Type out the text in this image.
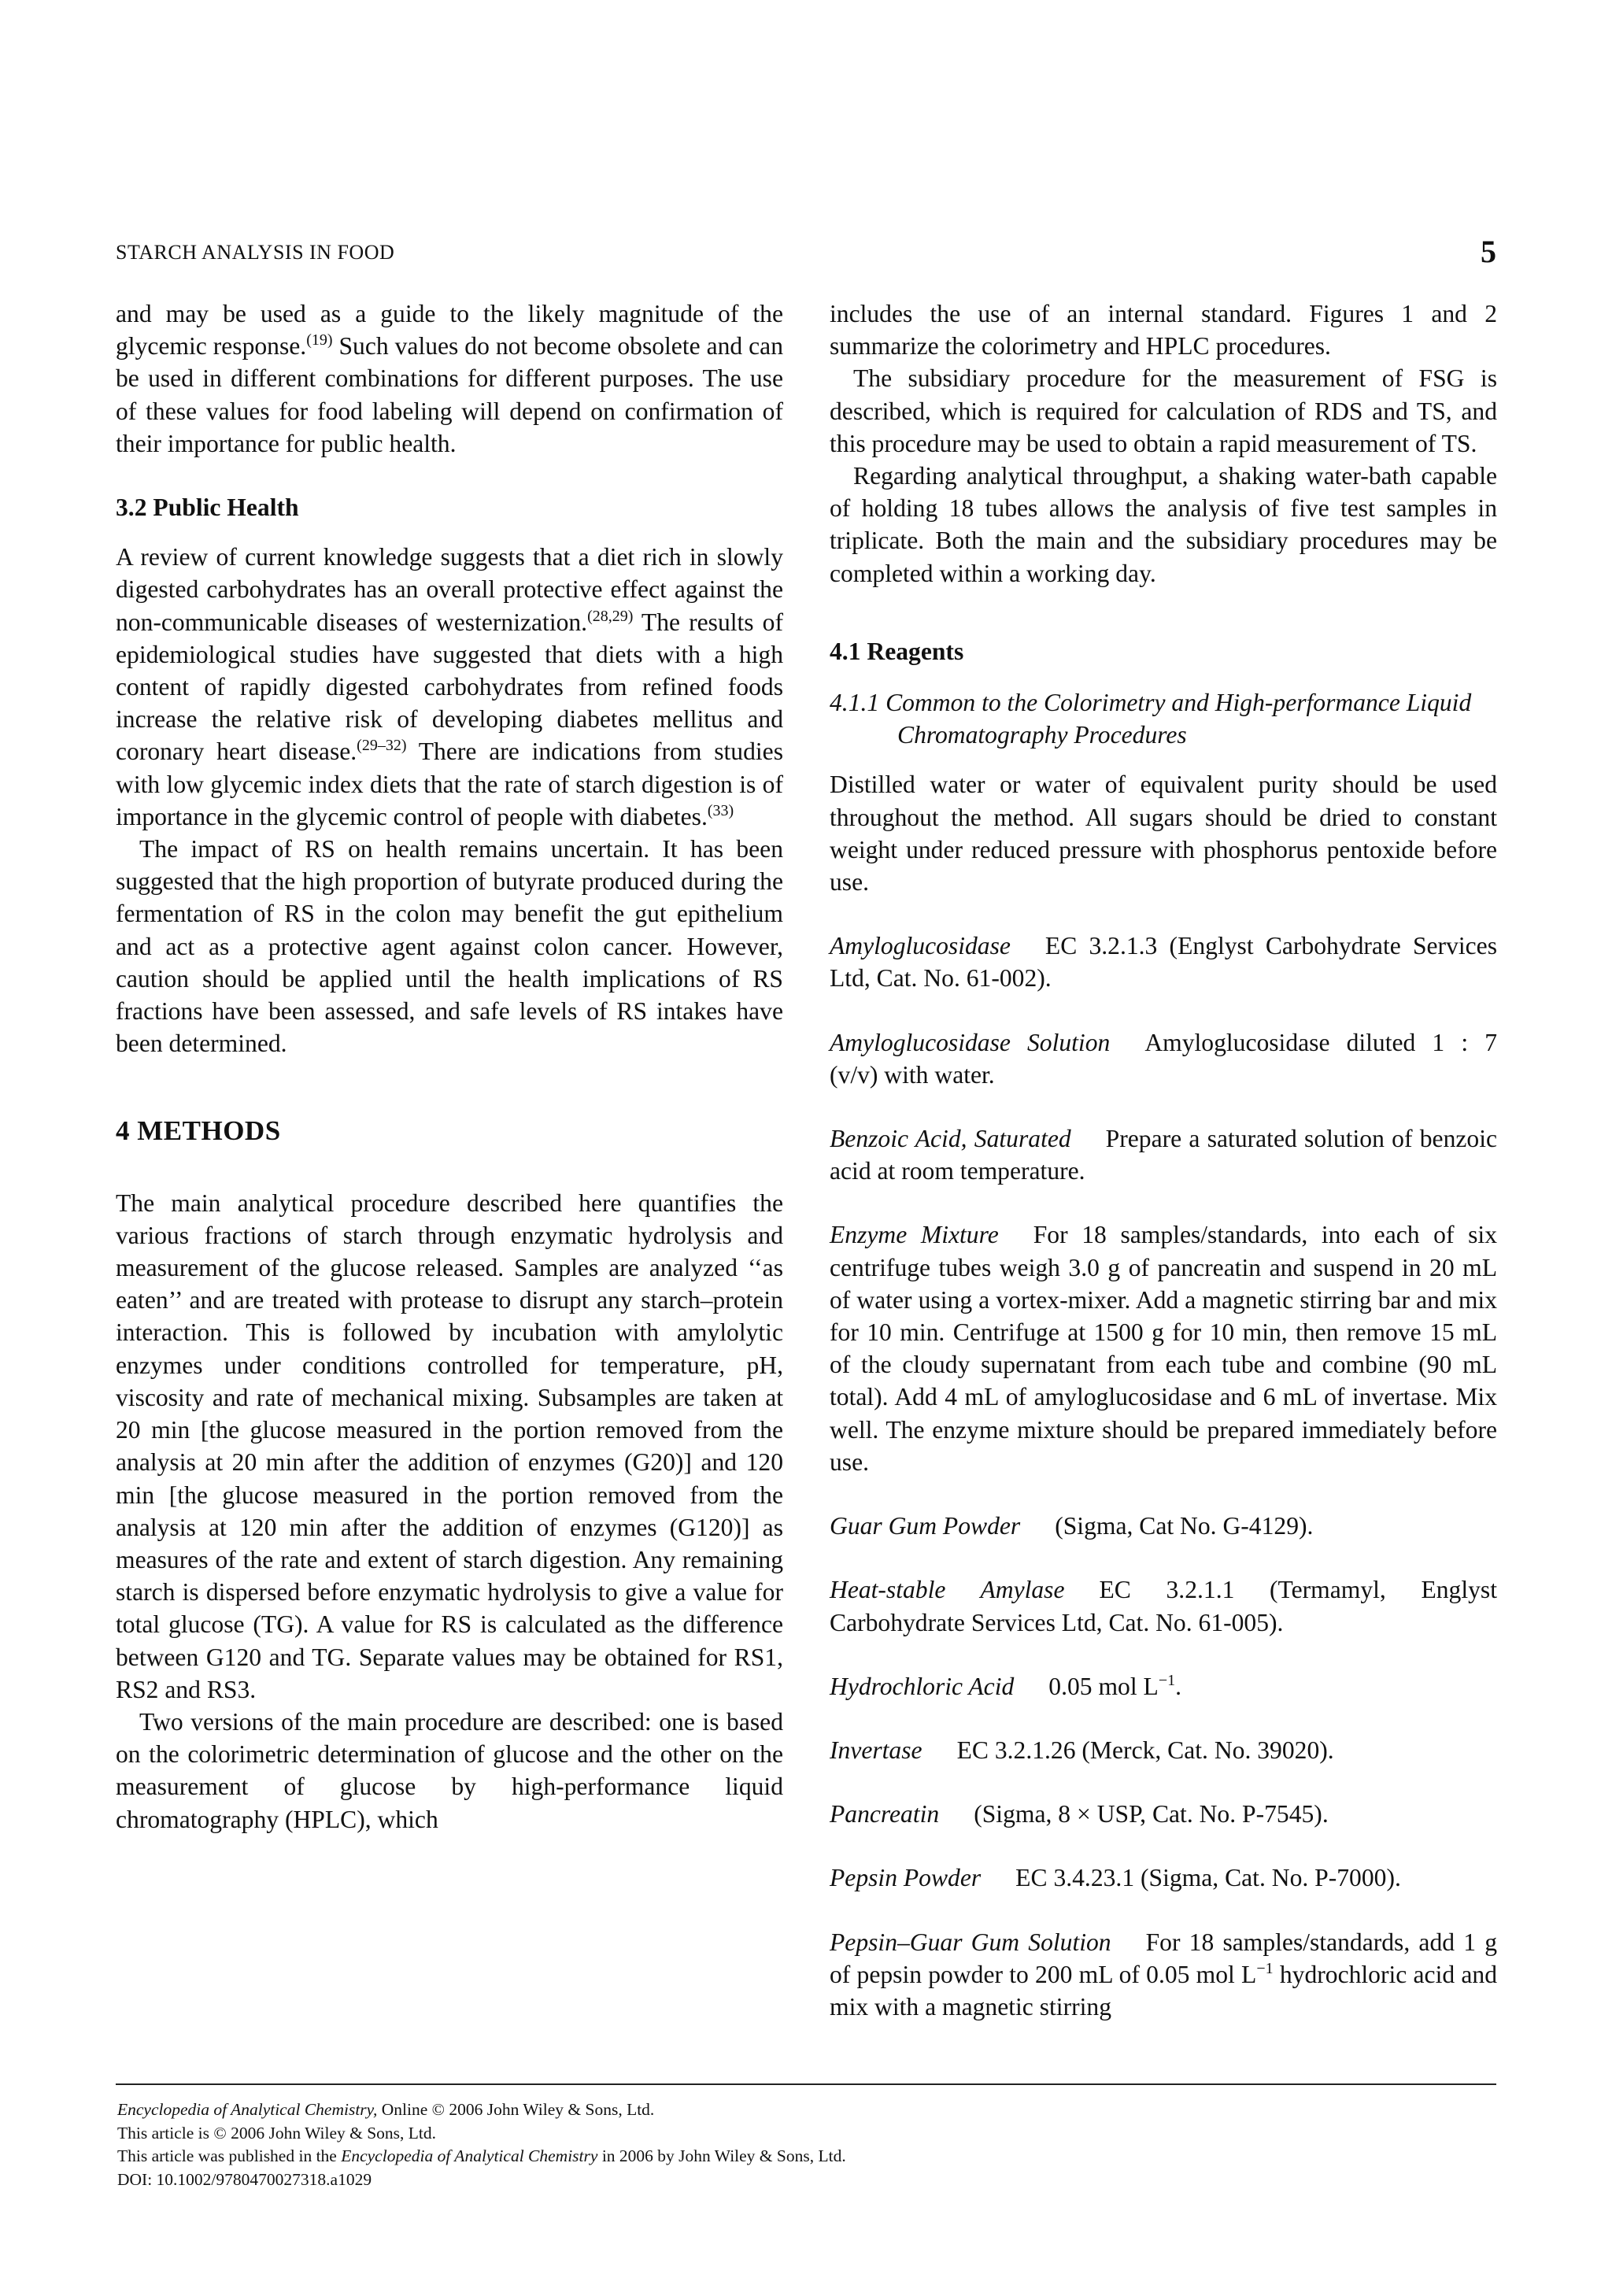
STARCH ANALYSIS IN FOOD	5

and may be used as a guide to the likely magnitude of the glycemic response.$^{(19)}$ Such values do not become obsolete and can be used in different combinations for different purposes. The use of these values for food labeling will depend on confirmation of their importance for public health.

3.2 Public Health

A review of current knowledge suggests that a diet rich in slowly digested carbohydrates has an overall protective effect against the non-communicable diseases of westernization.$^{(28,29)}$ The results of epidemiological studies have suggested that diets with a high content of rapidly digested carbohydrates from refined foods increase the relative risk of developing diabetes mellitus and coronary heart disease.$^{(29-32)}$ There are indications from studies with low glycemic index diets that the rate of starch digestion is of importance in the glycemic control of people with diabetes.$^{(33)}$

The impact of RS on health remains uncertain. It has been suggested that the high proportion of butyrate produced during the fermentation of RS in the colon may benefit the gut epithelium and act as a protective agent against colon cancer. However, caution should be applied until the health implications of RS fractions have been assessed, and safe levels of RS intakes have been determined.

4 METHODS

The main analytical procedure described here quantifies the various fractions of starch through enzymatic hydrolysis and measurement of the glucose released. Samples are analyzed ‘‘as eaten’’ and are treated with protease to disrupt any starch–protein interaction. This is followed by incubation with amylolytic enzymes under conditions controlled for temperature, pH, viscosity and rate of mechanical mixing. Subsamples are taken at 20 min [the glucose measured in the portion removed from the analysis at 20 min after the addition of enzymes (G20)] and 120 min [the glucose measured in the portion removed from the analysis at 120 min after the addition of enzymes (G120)] as measures of the rate and extent of starch digestion. Any remaining starch is dispersed before enzymatic hydrolysis to give a value for total glucose (TG). A value for RS is calculated as the difference between G120 and TG. Separate values may be obtained for RS1, RS2 and RS3.

Two versions of the main procedure are described: one is based on the colorimetric determination of glucose and the other on the measurement of glucose by high-performance liquid chromatography (HPLC), which

includes the use of an internal standard. Figures 1 and 2 summarize the colorimetry and HPLC procedures.

The subsidiary procedure for the measurement of FSG is described, which is required for calculation of RDS and TS, and this procedure may be used to obtain a rapid measurement of TS.

Regarding analytical throughput, a shaking water-bath capable of holding 18 tubes allows the analysis of five test samples in triplicate. Both the main and the subsidiary procedures may be completed within a working day.

4.1 Reagents
4.1.1 Common to the Colorimetry and High-performance Liquid Chromatography Procedures

Distilled water or water of equivalent purity should be used throughout the method. All sugars should be dried to constant weight under reduced pressure with phosphorus pentoxide before use.

Amyloglucosidase EC 3.2.1.3 (Englyst Carbohydrate Services Ltd, Cat. No. 61-002).

Amyloglucosidase Solution Amyloglucosidase diluted 1 : 7 (v/v) with water.

Benzoic Acid, Saturated Prepare a saturated solution of benzoic acid at room temperature.

Enzyme Mixture For 18 samples/standards, into each of six centrifuge tubes weigh 3.0 g of pancreatin and suspend in 20 mL of water using a vortex-mixer. Add a magnetic stirring bar and mix for 10 min. Centrifuge at 1500 g for 10 min, then remove 15 mL of the cloudy supernatant from each tube and combine (90 mL total). Add 4 mL of amyloglucosidase and 6 mL of invertase. Mix well. The enzyme mixture should be prepared immediately before use.

Guar Gum Powder (Sigma, Cat No. G-4129).

Heat-stable Amylase EC 3.2.1.1 (Termamyl, Englyst Carbohydrate Services Ltd, Cat. No. 61-005).

Hydrochloric Acid 0.05 mol $L^{-1}$.

Invertase EC 3.2.1.26 (Merck, Cat. No. 39020).

Pancreatin (Sigma, 8 × USP, Cat. No. P-7545).

Pepsin Powder EC 3.4.23.1 (Sigma, Cat. No. P-7000).

Pepsin–Guar Gum Solution For 18 samples/standards, add 1 g of pepsin powder to 200 mL of 0.05 mol $L^{-1}$ hydrochloric acid and mix with a magnetic stirring

Encyclopedia of Analytical Chemistry, Online © 2006 John Wiley & Sons, Ltd.
This article is © 2006 John Wiley & Sons, Ltd.
This article was published in the Encyclopedia of Analytical Chemistry in 2006 by John Wiley & Sons, Ltd.
DOI: 10.1002/9780470027318.a1029
